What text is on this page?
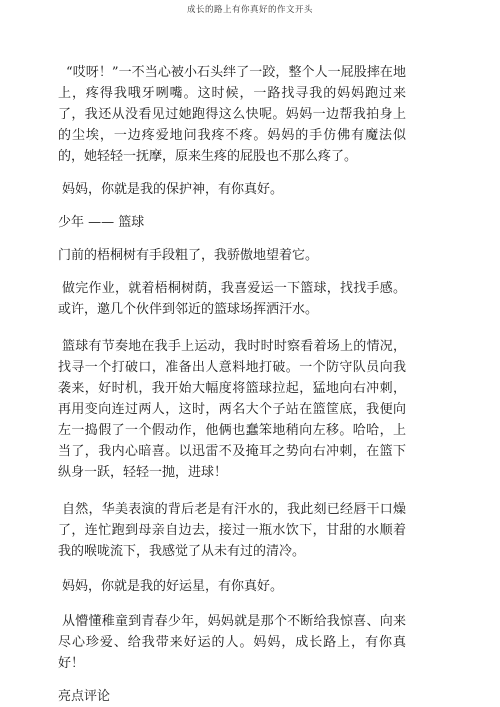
成长的路上有你真好的作文开头

“哎呀！”一不当心被小石头绊了一跤，整个人一屁股摔在地上，疼得我哦牙咧嘴。这时候，一路找寻我的妈妈跑过来了，我还从没看见过她跑得这么快呢。妈妈一边帮我拍身上的尘埃，一边疼爱地问我疼不疼。妈妈的手仿佛有魔法似的，她轻轻一抚摩，原来生疼的屁股也不那么疼了。

妈妈，你就是我的保护神，有你真好。

少年 —— 篮球

门前的梧桐树有手段粗了，我骄傲地望着它。

做完作业，就着梧桐树荫，我喜爱运一下篮球，找找手感。或许，邀几个伙伴到邻近的篮球场挥洒汗水。

篮球有节奏地在我手上运动，我时时时察看着场上的情况，找寻一个打破口，准备出人意料地打破。一个防守队员向我袭来，好时机，我开始大幅度将篮球拉起，猛地向右冲刺，再用变向连过两人，这时，两名大个子站在篮筐底，我便向左一捣假了一个假动作，他俩也蠢笨地稍向左移。哈哈，上当了，我内心暗喜。以迅雷不及掩耳之势向右冲刺，在篮下纵身一跃，轻轻一抛，进球！

自然，华美表演的背后老是有汗水的，我此刻已经唇干口燥了，连忙跑到母亲自边去，接过一瓶水饮下，甘甜的水顺着我的喉咙流下，我感觉了从未有过的清冷。

妈妈，你就是我的好运星，有你真好。

从懵懂稚童到青春少年，妈妈就是那个不断给我惊喜、向来尽心珍爱、给我带来好运的人。妈妈，成长路上，有你真好！

亮点评论
